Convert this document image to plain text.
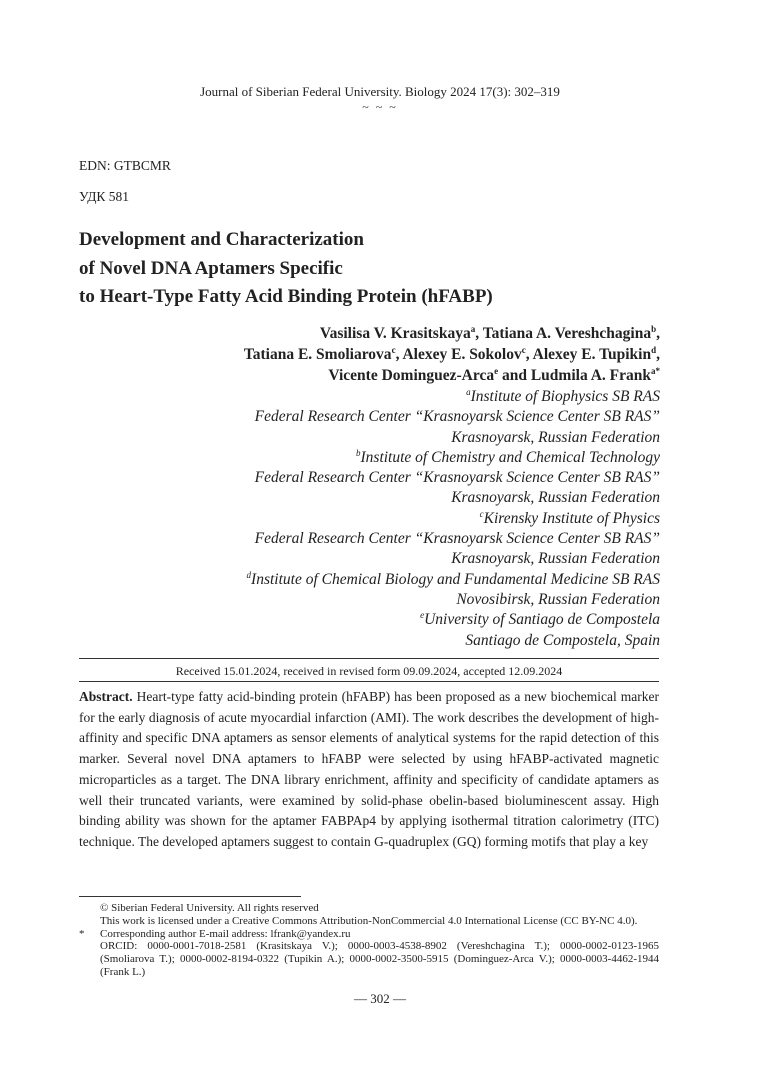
Journal of Siberian Federal University. Biology 2024 17(3): 302–319
~ ~ ~
EDN: GTBCMR
УДК 581
Development and Characterization
of Novel DNA Aptamers Specific
to Heart-Type Fatty Acid Binding Protein (hFABP)
Vasilisa V. Krasitskaya$^a$, Tatiana A. Vereshchagina$^b$,
Tatiana E. Smoliarova$^c$, Alexey E. Sokolov$^c$, Alexey E. Tupikin$^d$,
Vicente Dominguez-Arca$^e$ and Ludmila A. Frank$^{a*}$
$^a$Institute of Biophysics SB RAS
Federal Research Center “Krasnoyarsk Science Center SB RAS”
Krasnoyarsk, Russian Federation
$^b$Institute of Chemistry and Chemical Technology
Federal Research Center “Krasnoyarsk Science Center SB RAS”
Krasnoyarsk, Russian Federation
$^c$Kirensky Institute of Physics
Federal Research Center “Krasnoyarsk Science Center SB RAS”
Krasnoyarsk, Russian Federation
$^d$Institute of Chemical Biology and Fundamental Medicine SB RAS
Novosibirsk, Russian Federation
$^e$University of Santiago de Compostela
Santiago de Compostela, Spain
Received 15.01.2024, received in revised form 09.09.2024, accepted 12.09.2024
Abstract. Heart-type fatty acid-binding protein (hFABP) has been proposed as a new biochemical marker for the early diagnosis of acute myocardial infarction (AMI). The work describes the development of high-affinity and specific DNA aptamers as sensor elements of analytical systems for the rapid detection of this marker. Several novel DNA aptamers to hFABP were selected by using hFABP-activated magnetic microparticles as a target. The DNA library enrichment, affinity and specificity of candidate aptamers as well their truncated variants, were examined by solid-phase obelin-based bioluminescent assay. High binding ability was shown for the aptamer FABPAp4 by applying isothermal titration calorimetry (ITC) technique. The developed aptamers suggest to contain G-quadruplex (GQ) forming motifs that play a key
© Siberian Federal University. All rights reserved
This work is licensed under a Creative Commons Attribution-NonCommercial 4.0 International License (CC BY-NC 4.0).
* Corresponding author E-mail address: lfrank@yandex.ru
ORCID: 0000-0001-7018-2581 (Krasitskaya V.); 0000-0003-4538-8902 (Vereshchagina T.); 0000-0002-0123-1965 (Smoliarova T.); 0000-0002-8194-0322 (Tupikin A.); 0000-0002-3500-5915 (Dominguez-Arca V.); 0000-0003-4462-1944 (Frank L.)
— 302 —
